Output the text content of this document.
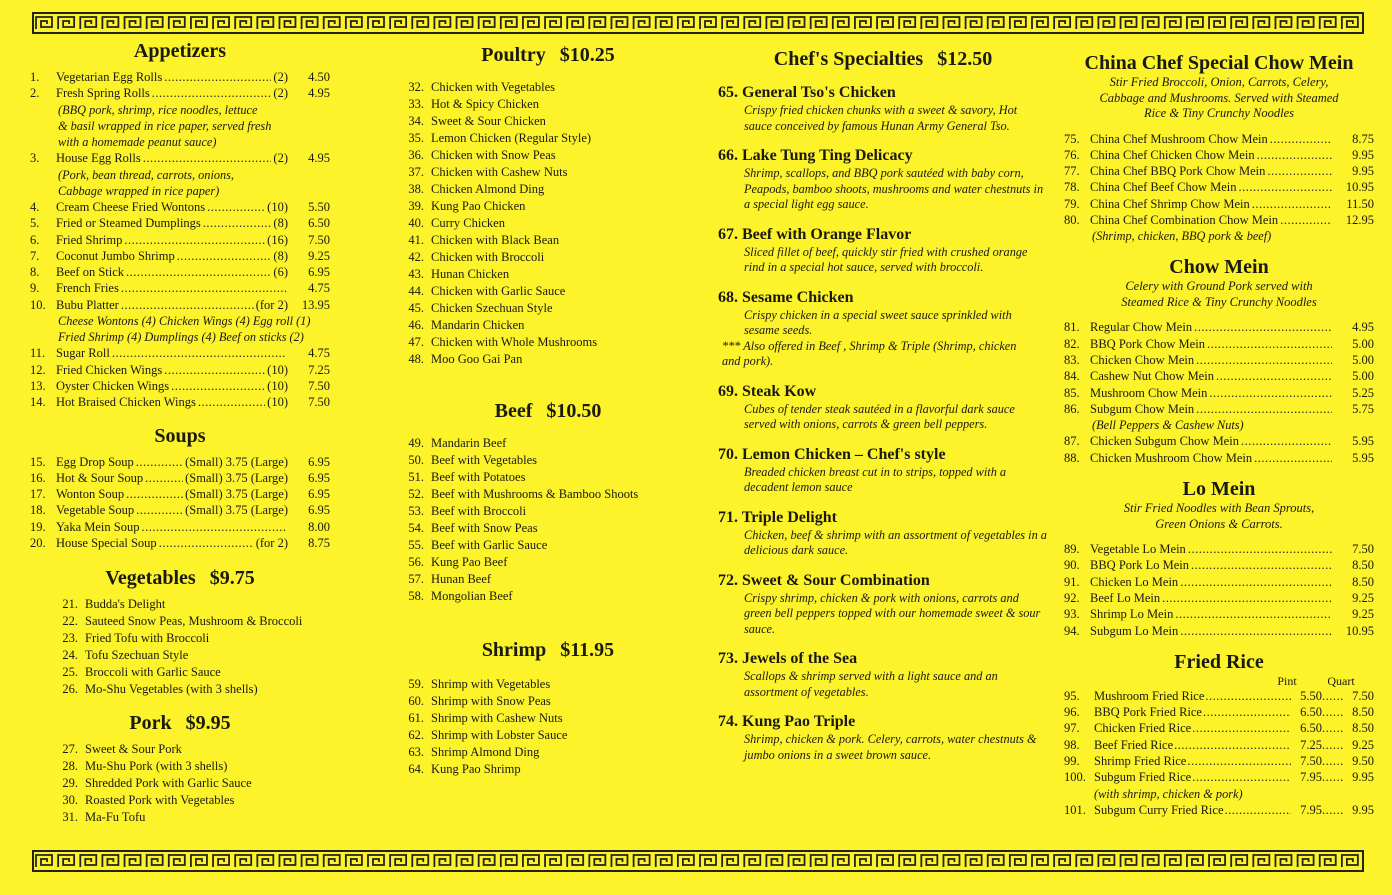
Appetizers
1.	Vegetarian Egg Rolls .....	(2)	4.50
2.	Fresh Spring Rolls .....	(2)	4.95
(BBQ pork, shrimp, rice noodles, lettuce
& basil wrapped in rice paper, served fresh
with a homemade peanut sauce)
3.	House Egg Rolls .....	(2)	4.95
(Pork, bean thread, carrots, onions,
Cabbage wrapped in rice paper)
4.	Cream Cheese Fried Wontons .....	(10)	5.50
5.	Fried or Steamed Dumplings .....	(8)	6.50
6.	Fried Shrimp .....	(16)	7.50
7.	Coconut Jumbo Shrimp .....	(8)	9.25
8.	Beef on Stick .....	(6)	6.95
9.	French Fries .....	4.75
10. Bubu Platter .....	(for 2)	13.95
Cheese Wontons (4) Chicken Wings (4) Egg roll (1)
Fried Shrimp (4) Dumplings (4) Beef on sticks (2)
11. Sugar Roll .....	4.75
12. Fried Chicken Wings .....	(10)	7.25
13. Oyster Chicken Wings .....	(10)	7.50
14. Hot Braised Chicken Wings .....	(10)	7.50
Soups
15. Egg Drop Soup .....	(Small) 3.75 (Large)	6.95
16. Hot & Sour Soup .....	(Small) 3.75 (Large)	6.95
17. Wonton Soup .....	(Small) 3.75 (Large)	6.95
18. Vegetable Soup .....	(Small) 3.75 (Large)	6.95
19. Yaka Mein Soup .....	8.00
20. House Special Soup .....	(for 2)	8.75
Vegetables $9.75
21. Budda's Delight
22. Sauteed Snow Peas, Mushroom & Broccoli
23. Fried Tofu with Broccoli
24. Tofu Szechuan Style
25. Broccoli with Garlic Sauce
26. Mo-Shu Vegetables (with 3 shells)
Pork $9.95
27. Sweet & Sour Pork
28. Mu-Shu Pork (with 3 shells)
29. Shredded Pork with Garlic Sauce
30. Roasted Pork with Vegetables
31. Ma-Fu Tofu
Poultry $10.25
32. Chicken with Vegetables
33. Hot & Spicy Chicken
34. Sweet & Sour Chicken
35. Lemon Chicken (Regular Style)
36. Chicken with Snow Peas
37. Chicken with Cashew Nuts
38. Chicken Almond Ding
39. Kung Pao Chicken
40. Curry Chicken
41. Chicken with Black Bean
42. Chicken with Broccoli
43. Hunan Chicken
44. Chicken with Garlic Sauce
45. Chicken Szechuan Style
46. Mandarin Chicken
47. Chicken with Whole Mushrooms
48. Moo Goo Gai Pan
Beef $10.50
49. Mandarin Beef
50. Beef with Vegetables
51. Beef with Potatoes
52. Beef with Mushrooms & Bamboo Shoots
53. Beef with Broccoli
54. Beef with Snow Peas
55. Beef with Garlic Sauce
56. Kung Pao Beef
57. Hunan Beef
58. Mongolian Beef
Shrimp $11.95
59. Shrimp with Vegetables
60. Shrimp with Snow Peas
61. Shrimp with Cashew Nuts
62. Shrimp with Lobster Sauce
63. Shrimp Almond Ding
64. Kung Pao Shrimp
Chef's Specialties $12.50
65. General Tso's Chicken
Crispy fried chicken chunks with a sweet & savory, Hot sauce conceived by famous Hunan Army General Tso.
66. Lake Tung Ting Delicacy
Shrimp, scallops, and BBQ pork sautéed with baby corn, Peapods, bamboo shoots, mushrooms and water chestnuts in a special light egg sauce.
67. Beef with Orange Flavor
Sliced fillet of beef, quickly stir fried with crushed orange rind in a special hot sauce, served with broccoli.
68. Sesame Chicken
Crispy chicken in a special sweet sauce sprinkled with sesame seeds.
*** Also offered in Beef , Shrimp & Triple (Shrimp, chicken and pork).
69. Steak Kow
Cubes of tender steak sautéed in a flavorful dark sauce served with onions, carrots & green bell peppers.
70. Lemon Chicken – Chef's style
Breaded chicken breast cut in to strips, topped with a decadent lemon sauce
71. Triple Delight
Chicken, beef & shrimp with an assortment of vegetables in a delicious dark sauce.
72. Sweet & Sour Combination
Crispy shrimp, chicken & pork with onions, carrots and green bell peppers topped with our homemade sweet & sour sauce.
73. Jewels of the Sea
Scallops & shrimp served with a light sauce and an assortment of vegetables.
74. Kung Pao Triple
Shrimp, chicken & pork. Celery, carrots, water chestnuts & jumbo onions in a sweet brown sauce.
China Chef Special Chow Mein
Stir Fried Broccoli, Onion, Carrots, Celery, Cabbage and Mushrooms. Served with Steamed Rice & Tiny Crunchy Noodles
75. China Chef Mushroom Chow Mein .....	8.75
76. China Chef Chicken Chow Mein .....	9.95
77. China Chef BBQ Pork Chow Mein .....	9.95
78. China Chef Beef Chow Mein .....	10.95
79. China Chef Shrimp Chow Mein .....	11.50
80. China Chef Combination Chow Mein .....	12.95
(Shrimp, chicken, BBQ pork & beef)
Chow Mein
Celery with Ground Pork served with Steamed Rice & Tiny Crunchy Noodles
81. Regular Chow Mein .....	4.95
82. BBQ Pork Chow Mein .....	5.00
83. Chicken Chow Mein .....	5.00
84. Cashew Nut Chow Mein .....	5.00
85. Mushroom Chow Mein .....	5.25
86. Subgum Chow Mein .....	5.75
(Bell Peppers & Cashew Nuts)
87. Chicken Subgum Chow Mein .....	5.95
88. Chicken Mushroom Chow Mein .....	5.95
Lo Mein
Stir Fried Noodles with Bean Sprouts, Green Onions & Carrots.
89. Vegetable Lo Mein .....	7.50
90. BBQ Pork Lo Mein .....	8.50
91. Chicken Lo Mein .....	8.50
92. Beef Lo Mein .....	9.25
93. Shrimp Lo Mein .....	9.25
94. Subgum Lo Mein .....	10.95
Fried Rice
Pint	Quart
95.	Mushroom Fried Rice .....	5.50 .....	7.50
96.	BBQ Pork Fried Rice .....	6.50 .....	8.50
97.	Chicken Fried Rice .....	6.50 .....	8.50
98.	Beef Fried Rice .....	7.25 .....	9.25
99.	Shrimp Fried Rice .....	7.50 .....	9.50
100. Subgum Fried Rice .....	7.95 .....	9.95
(with shrimp, chicken & pork)
101. Subgum Curry Fried Rice .....	7.95 .....	9.95
